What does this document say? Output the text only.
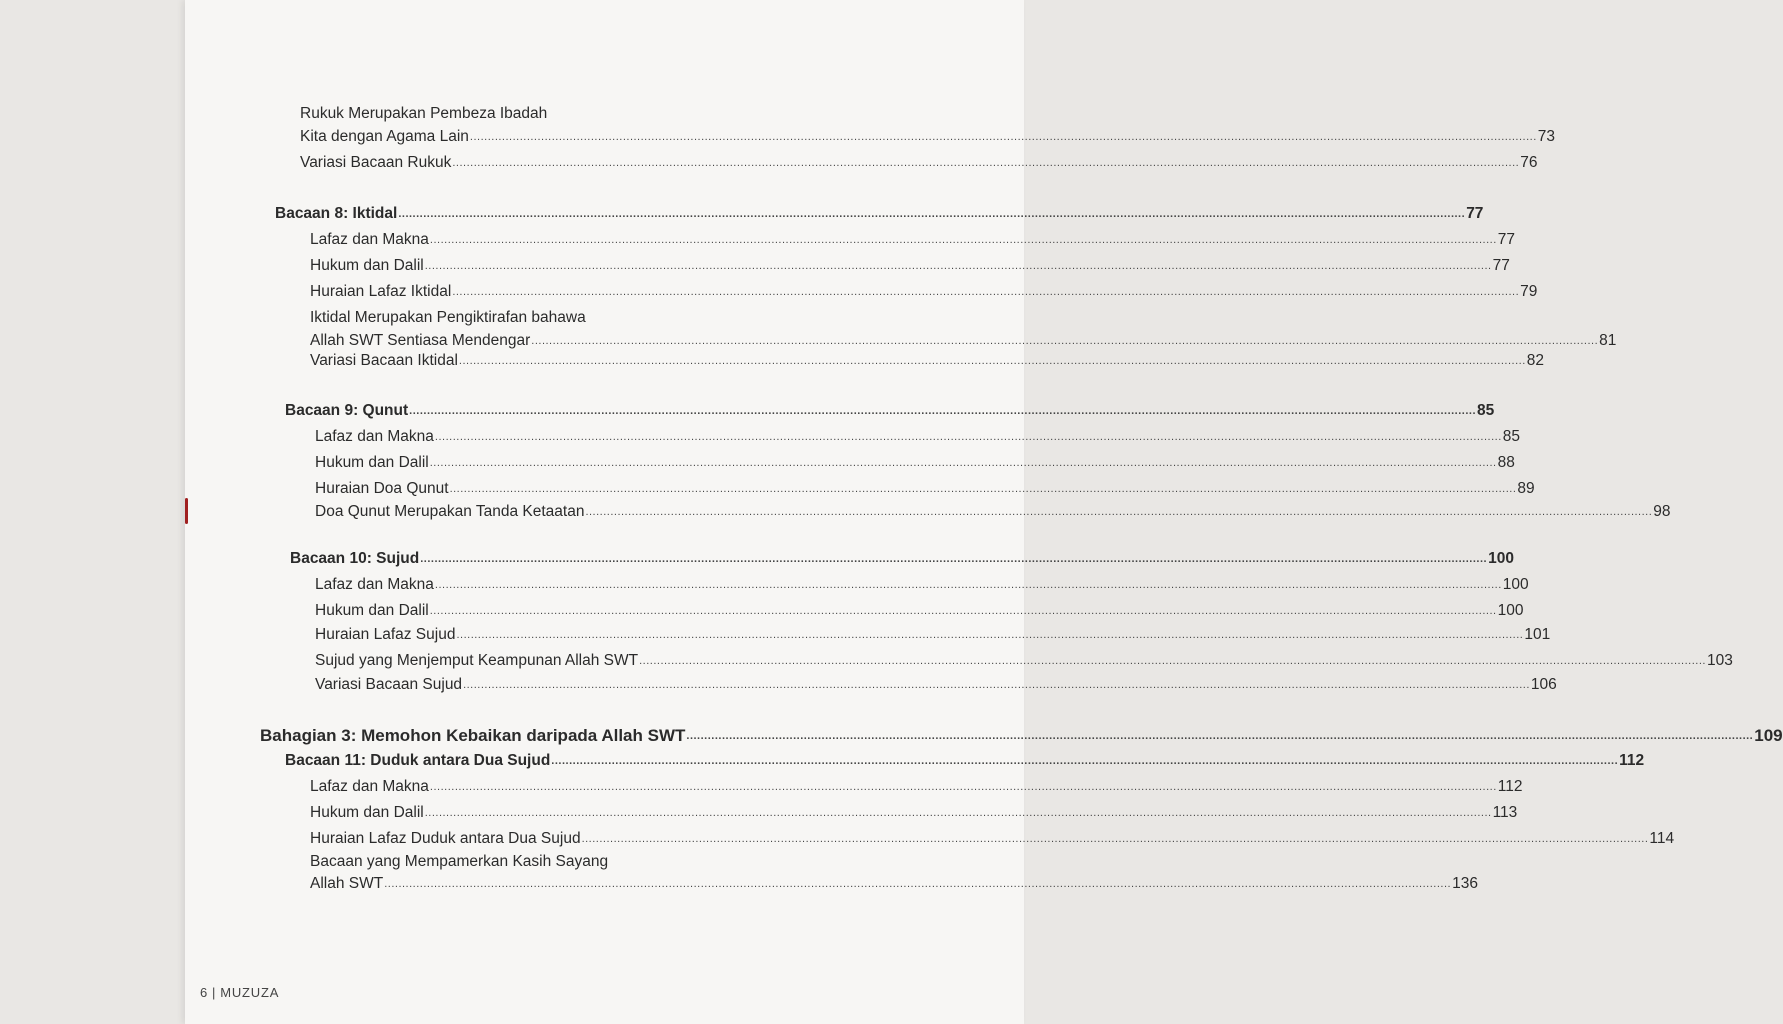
Rukuk Merupakan Pembeza Ibadah
Kita dengan Agama Lain ............................................................................................................................................................................................................................................................................................................ 73
Variasi Bacaan Rukuk ............................................................................................................................................................................................................................................................................................................ 76
Bacaan 8: Iktidal ............................................................................................................................................................................................................................................................................................................ 77
Lafaz dan Makna ............................................................................................................................................................................................................................................................................................................ 77
Hukum dan Dalil ............................................................................................................................................................................................................................................................................................................ 77
Huraian Lafaz Iktidal ............................................................................................................................................................................................................................................................................................................ 79
Iktidal Merupakan Pengiktirafan bahawa
Allah SWT Sentiasa Mendengar ............................................................................................................................................................................................................................................................................................................ 81
Variasi Bacaan Iktidal ............................................................................................................................................................................................................................................................................................................ 82
Bacaan 9: Qunut ............................................................................................................................................................................................................................................................................................................ 85
Lafaz dan Makna ............................................................................................................................................................................................................................................................................................................ 85
Hukum dan Dalil ............................................................................................................................................................................................................................................................................................................ 88
Huraian Doa Qunut ............................................................................................................................................................................................................................................................................................................ 89
Doa Qunut Merupakan Tanda Ketaatan ............................................................................................................................................................................................................................................................................................................ 98
Bacaan 10: Sujud ............................................................................................................................................................................................................................................................................................................ 100
Lafaz dan Makna ............................................................................................................................................................................................................................................................................................................ 100
Hukum dan Dalil ............................................................................................................................................................................................................................................................................................................ 100
Huraian Lafaz Sujud ............................................................................................................................................................................................................................................................................................................ 101
Sujud yang Menjemput Keampunan Allah SWT ............................................................................................................................................................................................................................................................................................................ 103
Variasi Bacaan Sujud ............................................................................................................................................................................................................................................................................................................ 106
Bahagian 3: Memohon Kebaikan daripada Allah SWT ............................................................................................................................................................................................................................................................................................................ 109
Bacaan 11: Duduk antara Dua Sujud ............................................................................................................................................................................................................................................................................................................ 112
Lafaz dan Makna ............................................................................................................................................................................................................................................................................................................ 112
Hukum dan Dalil ............................................................................................................................................................................................................................................................................................................ 113
Huraian Lafaz Duduk antara Dua Sujud ............................................................................................................................................................................................................................................................................................................ 114
Bacaan yang Mempamerkan Kasih Sayang
Allah SWT ............................................................................................................................................................................................................................................................................................................ 136
6 | MUZUZA
